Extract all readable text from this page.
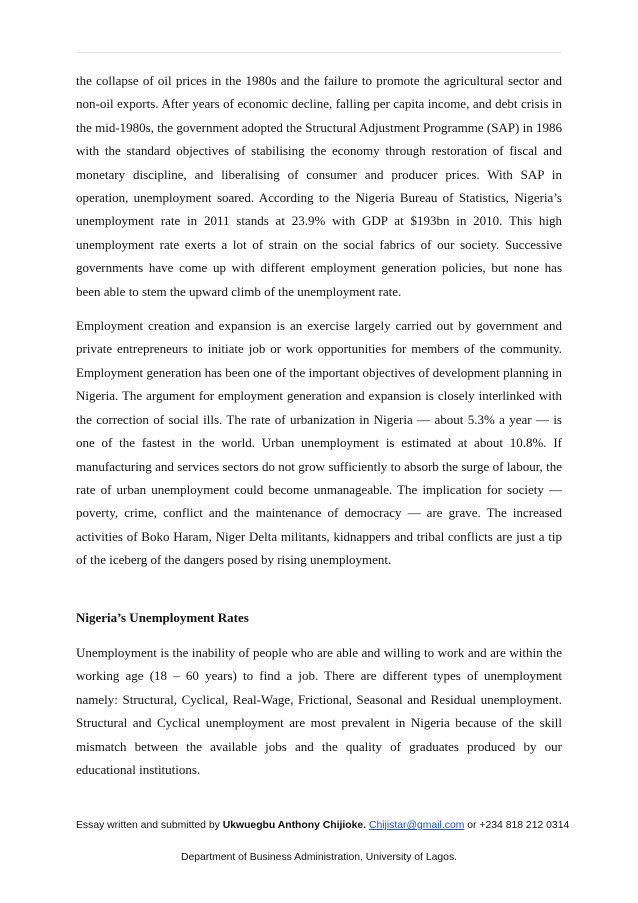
the collapse of oil prices in the 1980s and the failure to promote the agricultural sector and non-oil exports. After years of economic decline, falling per capita income, and debt crisis in the mid-1980s, the government adopted the Structural Adjustment Programme (SAP) in 1986 with the standard objectives of stabilising the economy through restoration of fiscal and monetary discipline, and liberalising of consumer and producer prices. With SAP in operation, unemployment soared. According to the Nigeria Bureau of Statistics, Nigeria’s unemployment rate in 2011 stands at 23.9% with GDP at $193bn in 2010. This high unemployment rate exerts a lot of strain on the social fabrics of our society. Successive governments have come up with different employment generation policies, but none has been able to stem the upward climb of the unemployment rate.

Employment creation and expansion is an exercise largely carried out by government and private entrepreneurs to initiate job or work opportunities for members of the community. Employment generation has been one of the important objectives of development planning in Nigeria. The argument for employment generation and expansion is closely interlinked with the correction of social ills. The rate of urbanization in Nigeria — about 5.3% a year — is one of the fastest in the world. Urban unemployment is estimated at about 10.8%. If manufacturing and services sectors do not grow sufficiently to absorb the surge of labour, the rate of urban unemployment could become unmanageable. The implication for society — poverty, crime, conflict and the maintenance of democracy — are grave. The increased activities of Boko Haram, Niger Delta militants, kidnappers and tribal conflicts are just a tip of the iceberg of the dangers posed by rising unemployment.

Nigeria’s Unemployment Rates

Unemployment is the inability of people who are able and willing to work and are within the working age (18 – 60 years) to find a job. There are different types of unemployment namely: Structural, Cyclical, Real-Wage, Frictional, Seasonal and Residual unemployment. Structural and Cyclical unemployment are most prevalent in Nigeria because of the skill mismatch between the available jobs and the quality of graduates produced by our educational institutions.

Essay written and submitted by Ukwuegbu Anthony Chijioke. Chijistar@gmail.com or +234 818 212 0314
Department of Business Administration, University of Lagos.
